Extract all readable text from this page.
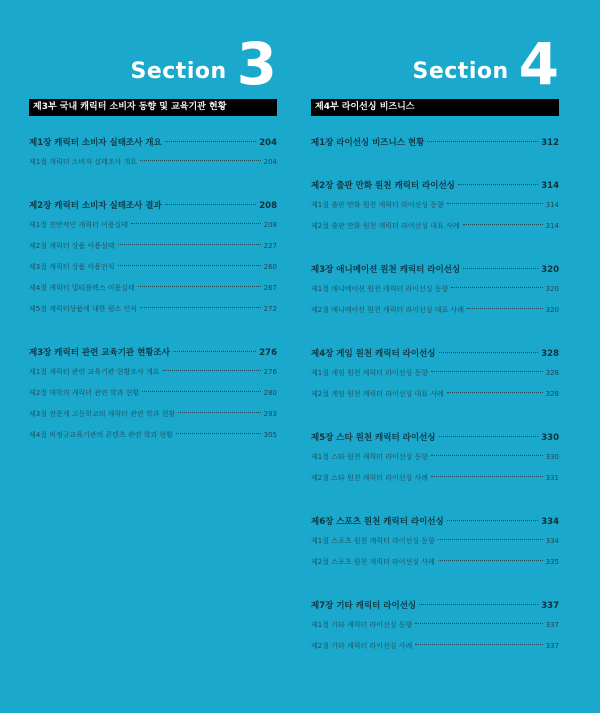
Section 3
제3부 국내 캐릭터 소비자 동향 및 교육기관 현황
제1장 캐릭터 소비자 실태조사 개요	204
제1절 캐릭터 소비자 실태조사 개요	204
제2장 캐릭터 소비자 실태조사 결과	208
제1절 전반적인 캐릭터 이용실태	208
제2절 캐릭터 상품 이용실태	227
제3절 캐릭터 상품 이용인식	260
제4절 캐릭터 멀티플렉스 이용실태	267
제5절 캐릭터상품에 대한 평소 인식	272
제3장 캐릭터 관련 교육기관 현황조사	276
제1절 캐릭터 관련 교육기관 현황조사 개요	276
제2절 대학의 캐릭터 관련 학과 현황	280
제3절 전문계 고등학교의 캐릭터 관련 학과 현황	293
제4절 비정규교육기관의 콘텐츠 관련 학과 현황	305
Section 4
제4부 라이선싱 비즈니스
제1장 라이선싱 비즈니스 현황	312
제2장 출판 만화 원천 캐릭터 라이선싱	314
제1절 출판 만화 원천 캐릭터 라이선싱 동향	314
제2절 출판 만화 원천 캐릭터 라이선싱 대표 사례	314
제3장 애니메이션 원천 캐릭터 라이선싱	320
제1절 애니메이션 원천 캐릭터 라이선싱 동향	320
제2절 애니메이션 원천 캐릭터 라이선싱 대표 사례	320
제4장 게임 원천 캐릭터 라이선싱	328
제1절 게임 원천 캐릭터 라이선싱 동향	328
제2절 게임 원천 캐릭터 라이선싱 대표 사례	328
제5장 스타 원천 캐릭터 라이선싱	330
제1절 스타 원천 캐릭터 라이선싱 동향	330
제2절 스타 원천 캐릭터 라이선싱 사례	331
제6장 스포츠 원천 캐릭터 라이선싱	334
제1절 스포츠 원천 캐릭터 라이선싱 동향	334
제2절 스포츠 원천 캐릭터 라이선싱 사례	335
제7장 기타 캐릭터 라이선싱	337
제1절 기타 캐릭터 라이선싱 동향	337
제2절 기타 캐릭터 라이선싱 사례	337
